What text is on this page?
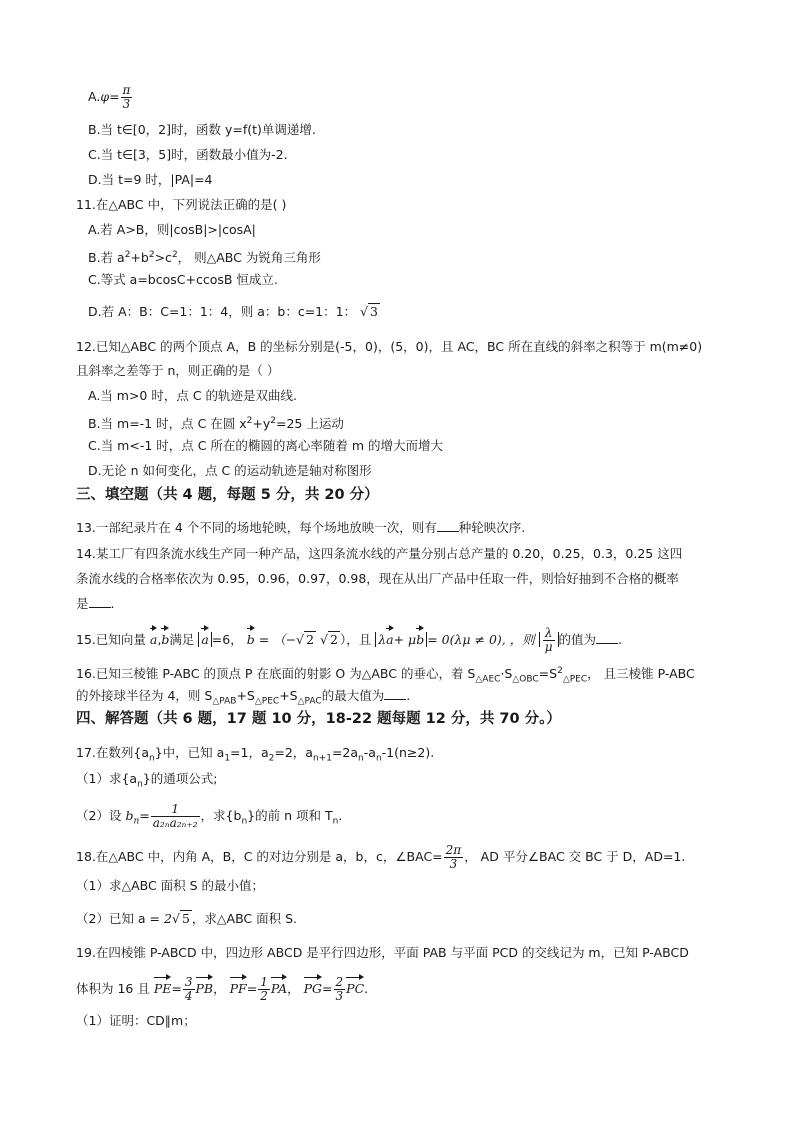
$A.\varphi= \frac{\pi}{3}$
B.当 t∈[0，2]时，函数 y=f(t)单调递增.
C.当 t∈[3，5]时，函数最小值为-2.
D.当 t=9 时，|PA|=4
11.在△ABC 中，下列说法正确的是( )
A.若 A>B，则|cosB|>|cosA|
B.若 $a^2+b^2>c^2$， 则△ABC 为锐角三角形
C.等式 a=bcosC+ccosB 恒成立.
D.若 A：B：C=1：1：4，则 a：b：c=1：1： √ 3
12.已知△ABC 的两个顶点 A，B 的坐标分别是(-5，0)，(5，0)，且 AC，BC 所在直线的斜率之积等于 m(m≠0)
且斜率之差等于 n，则正确的是（ ）
A.当 m>0 时，点 C 的轨迹是双曲线.
B.当 m=-1 时，点 C 在圆 $x^2+y^2=25$ 上运动
C.当 m<-1 时，点 C 所在的椭圆的离心率随着 m 的增大而增大
D.无论 n 如何变化，点 C 的运动轨迹是轴对称图形
三、填空题（共 4 题，每题 5 分，共 20 分）
13.一部纪录片在 4 个不同的场地轮映，每个场地放映一次，则有 种轮映次序.
14.某工厂有四条流水线生产同一种产品，这四条流水线的产量分别占总产量的 0.20，0.25，0.3，0.25 这四
条流水线的合格率依次为 0.95，0.96，0.97，0.98，现在从出厂产品中任取一件，则恰好抽到不合格的概率
是 .
15.已知向量 a,b满足 a =6， b = （−√ 2 √ 2 ），且 λa+ μb = 0(λμ ≠ 0), ，则 $\frac{\lambda}{\mu}$ 的值为 .
16.已知三棱锥 P-ABC 的顶点 P 在底面的射影 O 为△ABC 的垂心，着 $S_{\triangle AEC}\cdot S_{\triangle OBC}=S^2_{\triangle PEC}$， 且三棱锥 P-ABC
的外接球半径为 4，则 $S_{\triangle PAB}+S_{\triangle PEC}+S_{\triangle PAC}$的最大值为 .
四、解答题（共 6 题，17 题 10 分，18-22 题每题 12 分，共 70 分。）
17.在数列$\{a_n\}$中，已知 $a_1=1$，$a_2=2$，$a_{n+1}=2a_n-a_n-1(n\ge 2)$.
（1）求$\{a_n\}$的通项公式;
（2）设 $b_n= \frac{1}{\text{a₂ₙa₂ₙ₊₂}}$ ，求$\{b_n\}$的前 n 项和 $T_n$.
18.在△ABC 中，内角 A，B，C 的对边分别是 a，b，c，∠BAC= $\frac{2\pi}{3}$ ， AD 平分∠BAC 交 BC 于 D，AD=1.
（1）求△ABC 面积 S 的最小值；
（2）已知 a = 2√ 5 ，求△ABC 面积 S.
19.在四棱锥 P-ABCD 中，四边形 ABCD 是平行四边形，平面 PAB 与平面 PCD 的交线记为 m，已知 P-ABCD
体积为 16 且 $PE= \frac{3}{4}$ PB， $PF= \frac{1}{2}$ PA， $PG= \frac{2}{3}$ PC.
（1）证明：CD∥m；
